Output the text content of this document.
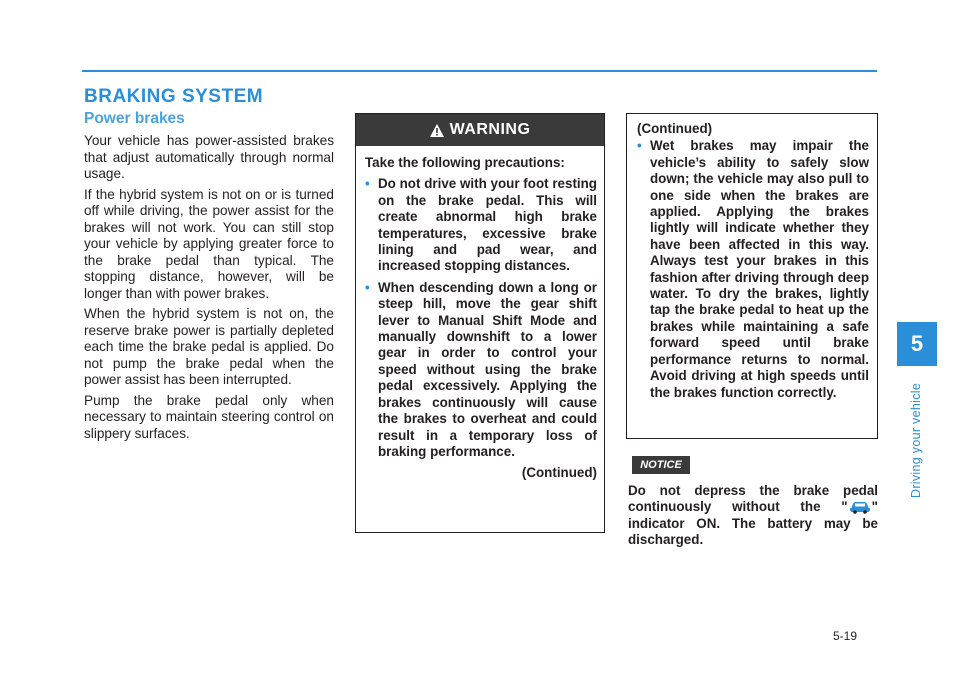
BRAKING SYSTEM
Power brakes

Your vehicle has power-assisted brakes that adjust automatically through normal usage.

If the hybrid system is not on or is turned off while driving, the power assist for the brakes will not work. You can still stop your vehicle by applying greater force to the brake pedal than typical. The stopping distance, however, will be longer than with power brakes.

When the hybrid system is not on, the reserve brake power is partially depleted each time the brake pedal is applied. Do not pump the brake pedal when the power assist has been interrupted.

Pump the brake pedal only when necessary to maintain steering control on slippery surfaces.

WARNING

Take the following precautions:

• Do not drive with your foot resting on the brake pedal. This will create abnormal high brake temperatures, excessive brake lining and pad wear, and increased stopping distances.
• When descending down a long or steep hill, move the gear shift lever to Manual Shift Mode and manually downshift to a lower gear in order to control your speed without using the brake pedal excessively. Applying the brakes continuously will cause the brakes to overheat and could result in a temporary loss of braking performance.
(Continued)

(Continued)

• Wet brakes may impair the vehicle’s ability to safely slow down; the vehicle may also pull to one side when the brakes are applied. Applying the brakes lightly will indicate whether they have been affected in this way. Always test your brakes in this fashion after driving through deep water. To dry the brakes, lightly tap the brake pedal to heat up the brakes while maintaining a safe forward speed until brake performance returns to normal. Avoid driving at high speeds until the brakes function correctly.
NOTICE

Do not depress the brake pedal continuously without the " " indicator ON. The battery may be discharged.

5
Driving your vehicle
5-19
